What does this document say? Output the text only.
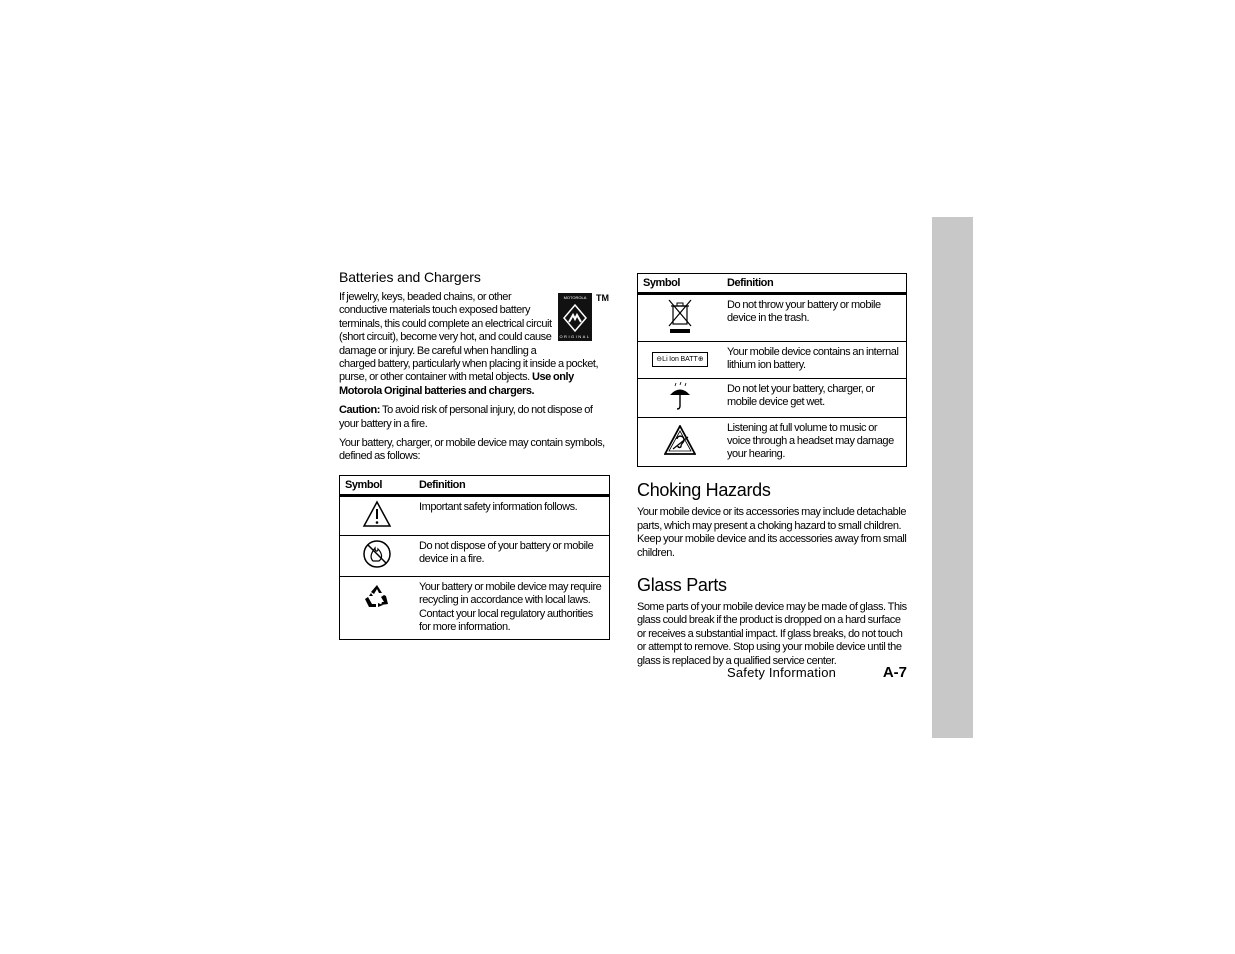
Batteries and Chargers
MOTOROLA
ORIGINAL
TM

If jewelry, keys, beaded chains, or other conductive materials touch exposed battery terminals, this could complete an electrical circuit (short circuit), become very hot, and could cause damage or injury. Be careful when handling a charged battery, particularly when placing it inside a pocket, purse, or other container with metal objects. Use only Motorola Original batteries and chargers.

Caution: To avoid risk of personal injury, do not dispose of your battery in a fire.

Your battery, charger, or mobile device may contain symbols, defined as follows:

Symbol	Definition
	Important safety information follows.
	Do not dispose of your battery or mobile device in a fire.
	Your battery or mobile device may require recycling in accordance with local laws. Contact your local regulatory authorities for more information.
Symbol	Definition
	Do not throw your battery or mobile device in the trash.
⊖Li Ion BATT⊕	Your mobile device contains an internal lithium ion battery.
	Do not let your battery, charger, or mobile device get wet.
	Listening at full volume to music or voice through a headset may damage your hearing.
Choking Hazards

Your mobile device or its accessories may include detachable parts, which may present a choking hazard to small children. Keep your mobile device and its accessories away from small children.

Glass Parts

Some parts of your mobile device may be made of glass. This glass could break if the product is dropped on a hard surface or receives a substantial impact. If glass breaks, do not touch or attempt to remove. Stop using your mobile device until the glass is replaced by a qualified service center.

Safety Information	A-7
